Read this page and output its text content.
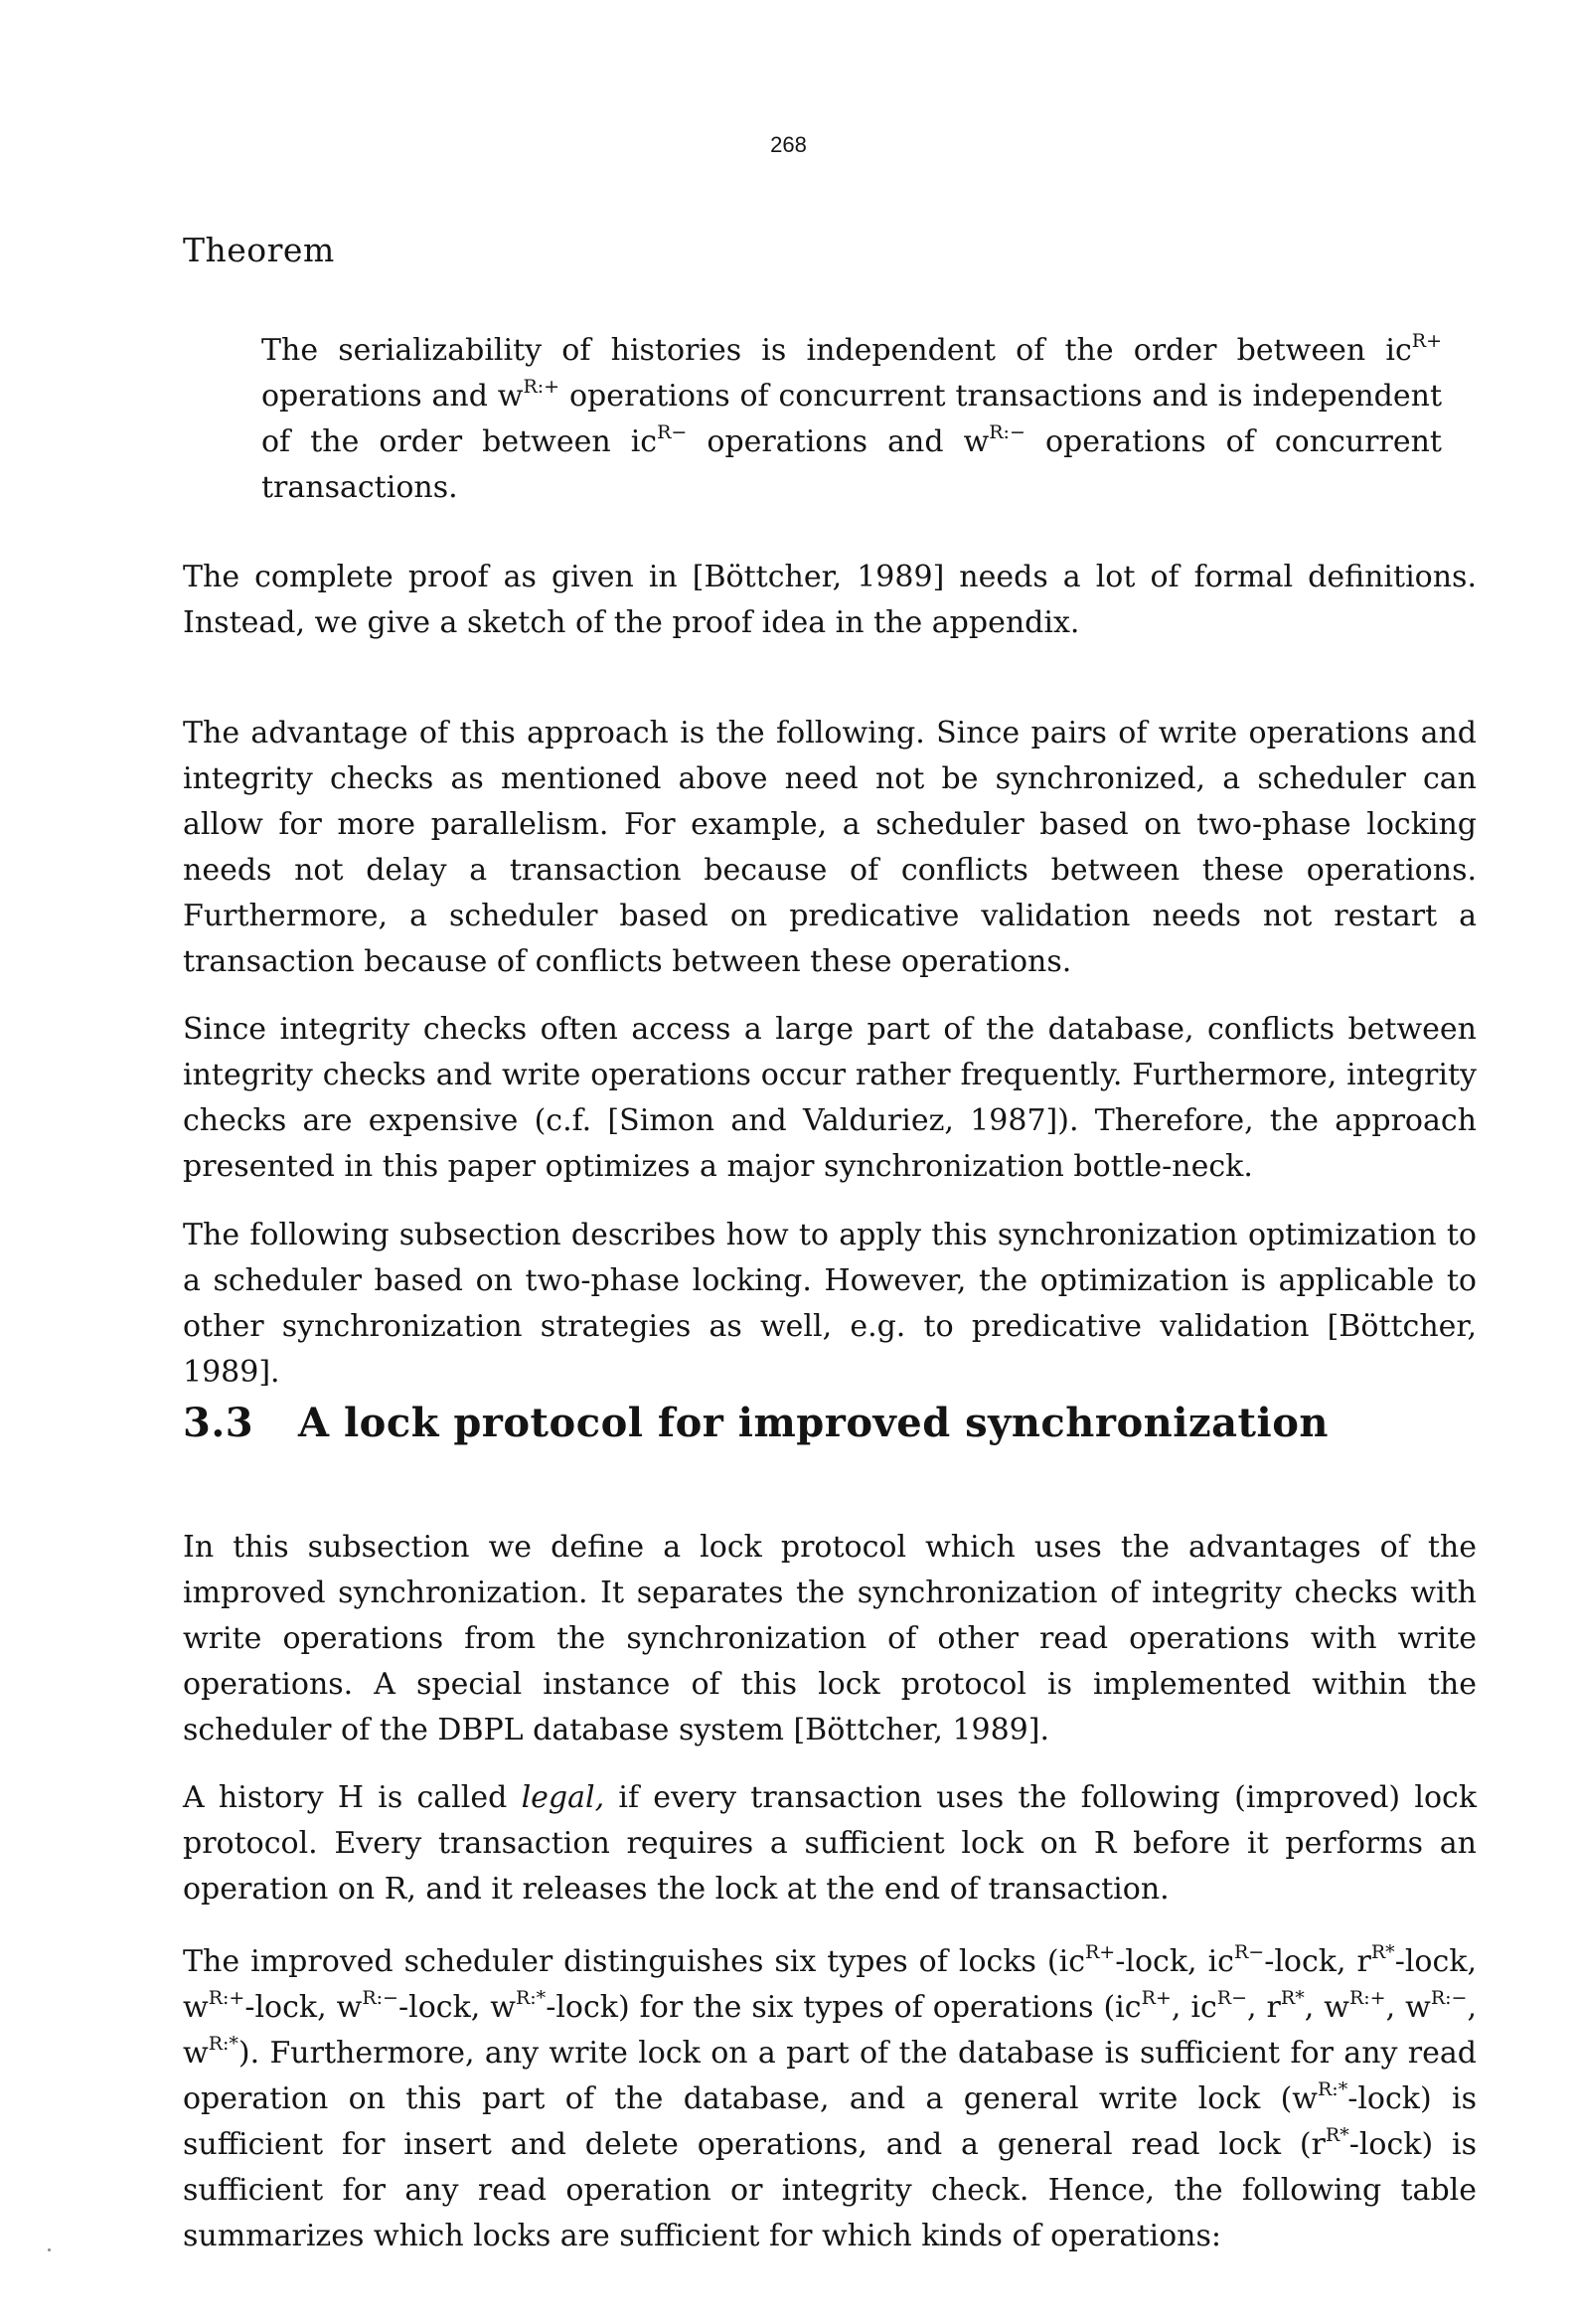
268
Theorem

The serializability of histories is independent of the order between $ic^{R+}$ operations and $w^{R:+}$ operations of concurrent transactions and is independent of the order between $ic^{R-}$ operations and $w^{R:-}$ operations of concurrent transactions.

The complete proof as given in [Böttcher, 1989] needs a lot of formal definitions. Instead, we give a sketch of the proof idea in the appendix.

The advantage of this approach is the following. Since pairs of write operations and integrity checks as mentioned above need not be synchronized, a scheduler can allow for more parallelism. For example, a scheduler based on two-phase locking needs not delay a transaction because of conflicts between these operations. Furthermore, a scheduler based on predicative validation needs not restart a transaction because of conflicts between these operations.

Since integrity checks often access a large part of the database, conflicts between integrity checks and write operations occur rather frequently. Furthermore, integrity checks are expensive (c.f. [Simon and Valduriez, 1987]). Therefore, the approach presented in this paper optimizes a major synchronization bottle-neck.

The following subsection describes how to apply this synchronization optimization to a scheduler based on two-phase locking. However, the optimization is applicable to other synchronization strategies as well, e.g. to predicative validation [Böttcher, 1989].

3.3 A lock protocol for improved synchronization

In this subsection we define a lock protocol which uses the advantages of the improved synchronization. It separates the synchronization of integrity checks with write operations from the synchronization of other read operations with write operations. A special instance of this lock protocol is implemented within the scheduler of the DBPL database system [Böttcher, 1989].

A history H is called legal, if every transaction uses the following (improved) lock protocol. Every transaction requires a sufficient lock on R before it performs an operation on R, and it releases the lock at the end of transaction.

The improved scheduler distinguishes six types of locks ($ic^{R+}$-lock, $ic^{R-}$-lock, $r^{R*}$-lock, $w^{R:+}$-lock, $w^{R:-}$-lock, $w^{R:*}-lock$) for the six types of operations ($ic^{R+}$, $ic^{R-}$, $r^{R*}$, $w^{R:+}$, $w^{R:-}$, $w^{R:*}$). Furthermore, any write lock on a part of the database is sufficient for any read operation on this part of the database, and a general write lock $(w^{R:*}-lock)$ is sufficient for insert and delete operations, and a general read lock $(r^{R*}-lock)$ is sufficient for any read operation or integrity check. Hence, the following table summarizes which locks are sufficient for which kinds of operations:
